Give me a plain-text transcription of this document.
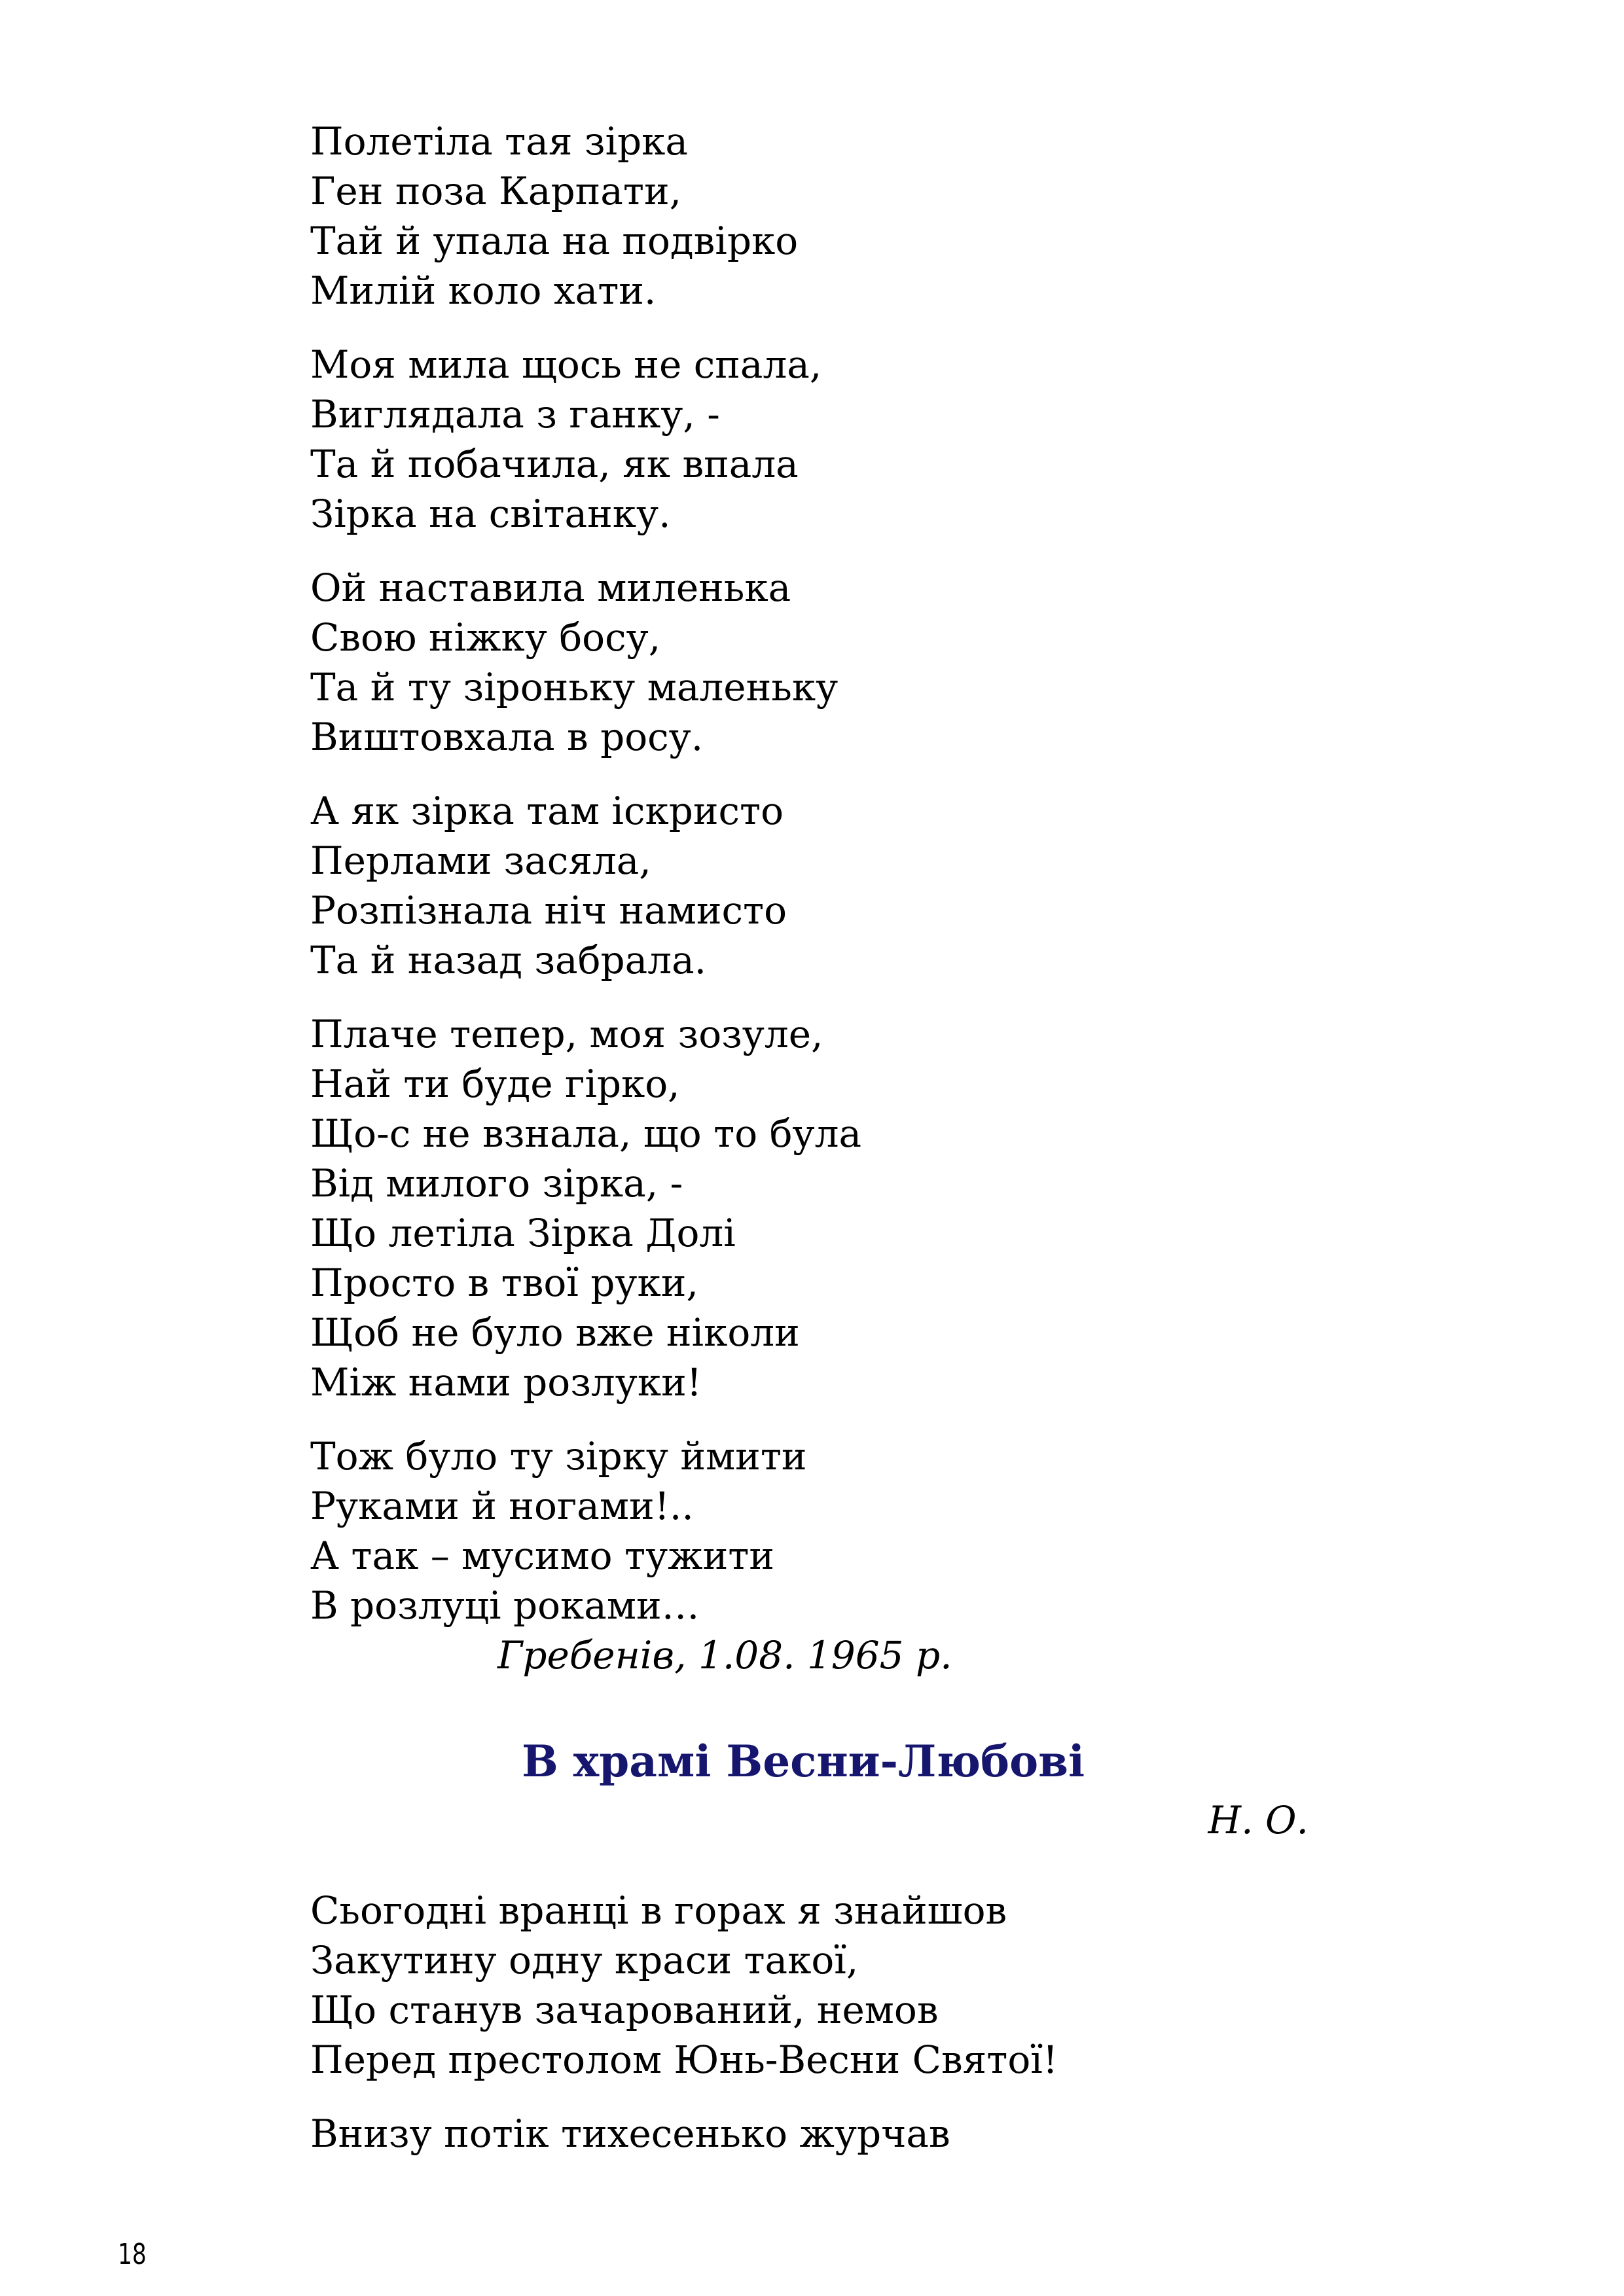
Полетіла тая зірка
Ген поза Карпати,
Тай й упала на подвірко
Милій коло хати.
Моя мила щось не спала,
Виглядала з ганку, -
Та й побачила, як впала
Зірка на світанку.
Ой наставила миленька
Свою ніжку босу,
Та й ту зіроньку маленьку
Виштовхала в росу.
А як зірка там іскристо
Перлами засяла,
Розпізнала ніч намисто
Та й назад забрала.
Плаче тепер, моя зозуле,
Най ти буде гірко,
Що-с не взнала, що то була
Від милого зірка, -
Що летіла Зірка Долі
Просто в твої руки,
Щоб не було вже ніколи
Між нами розлуки!
Тож було ту зірку ймити
Руками й ногами!..
А так – мусимо тужити
В розлуці роками…
Гребенів, 1.08. 1965 р.
В храмі Весни-Любові
Н. О.
Сьогодні вранці в горах я знайшов
Закутину одну краси такої,
Що станув зачарований, немов
Перед престолом Юнь-Весни Святої!
Внизу потік тихесенько журчав
18
